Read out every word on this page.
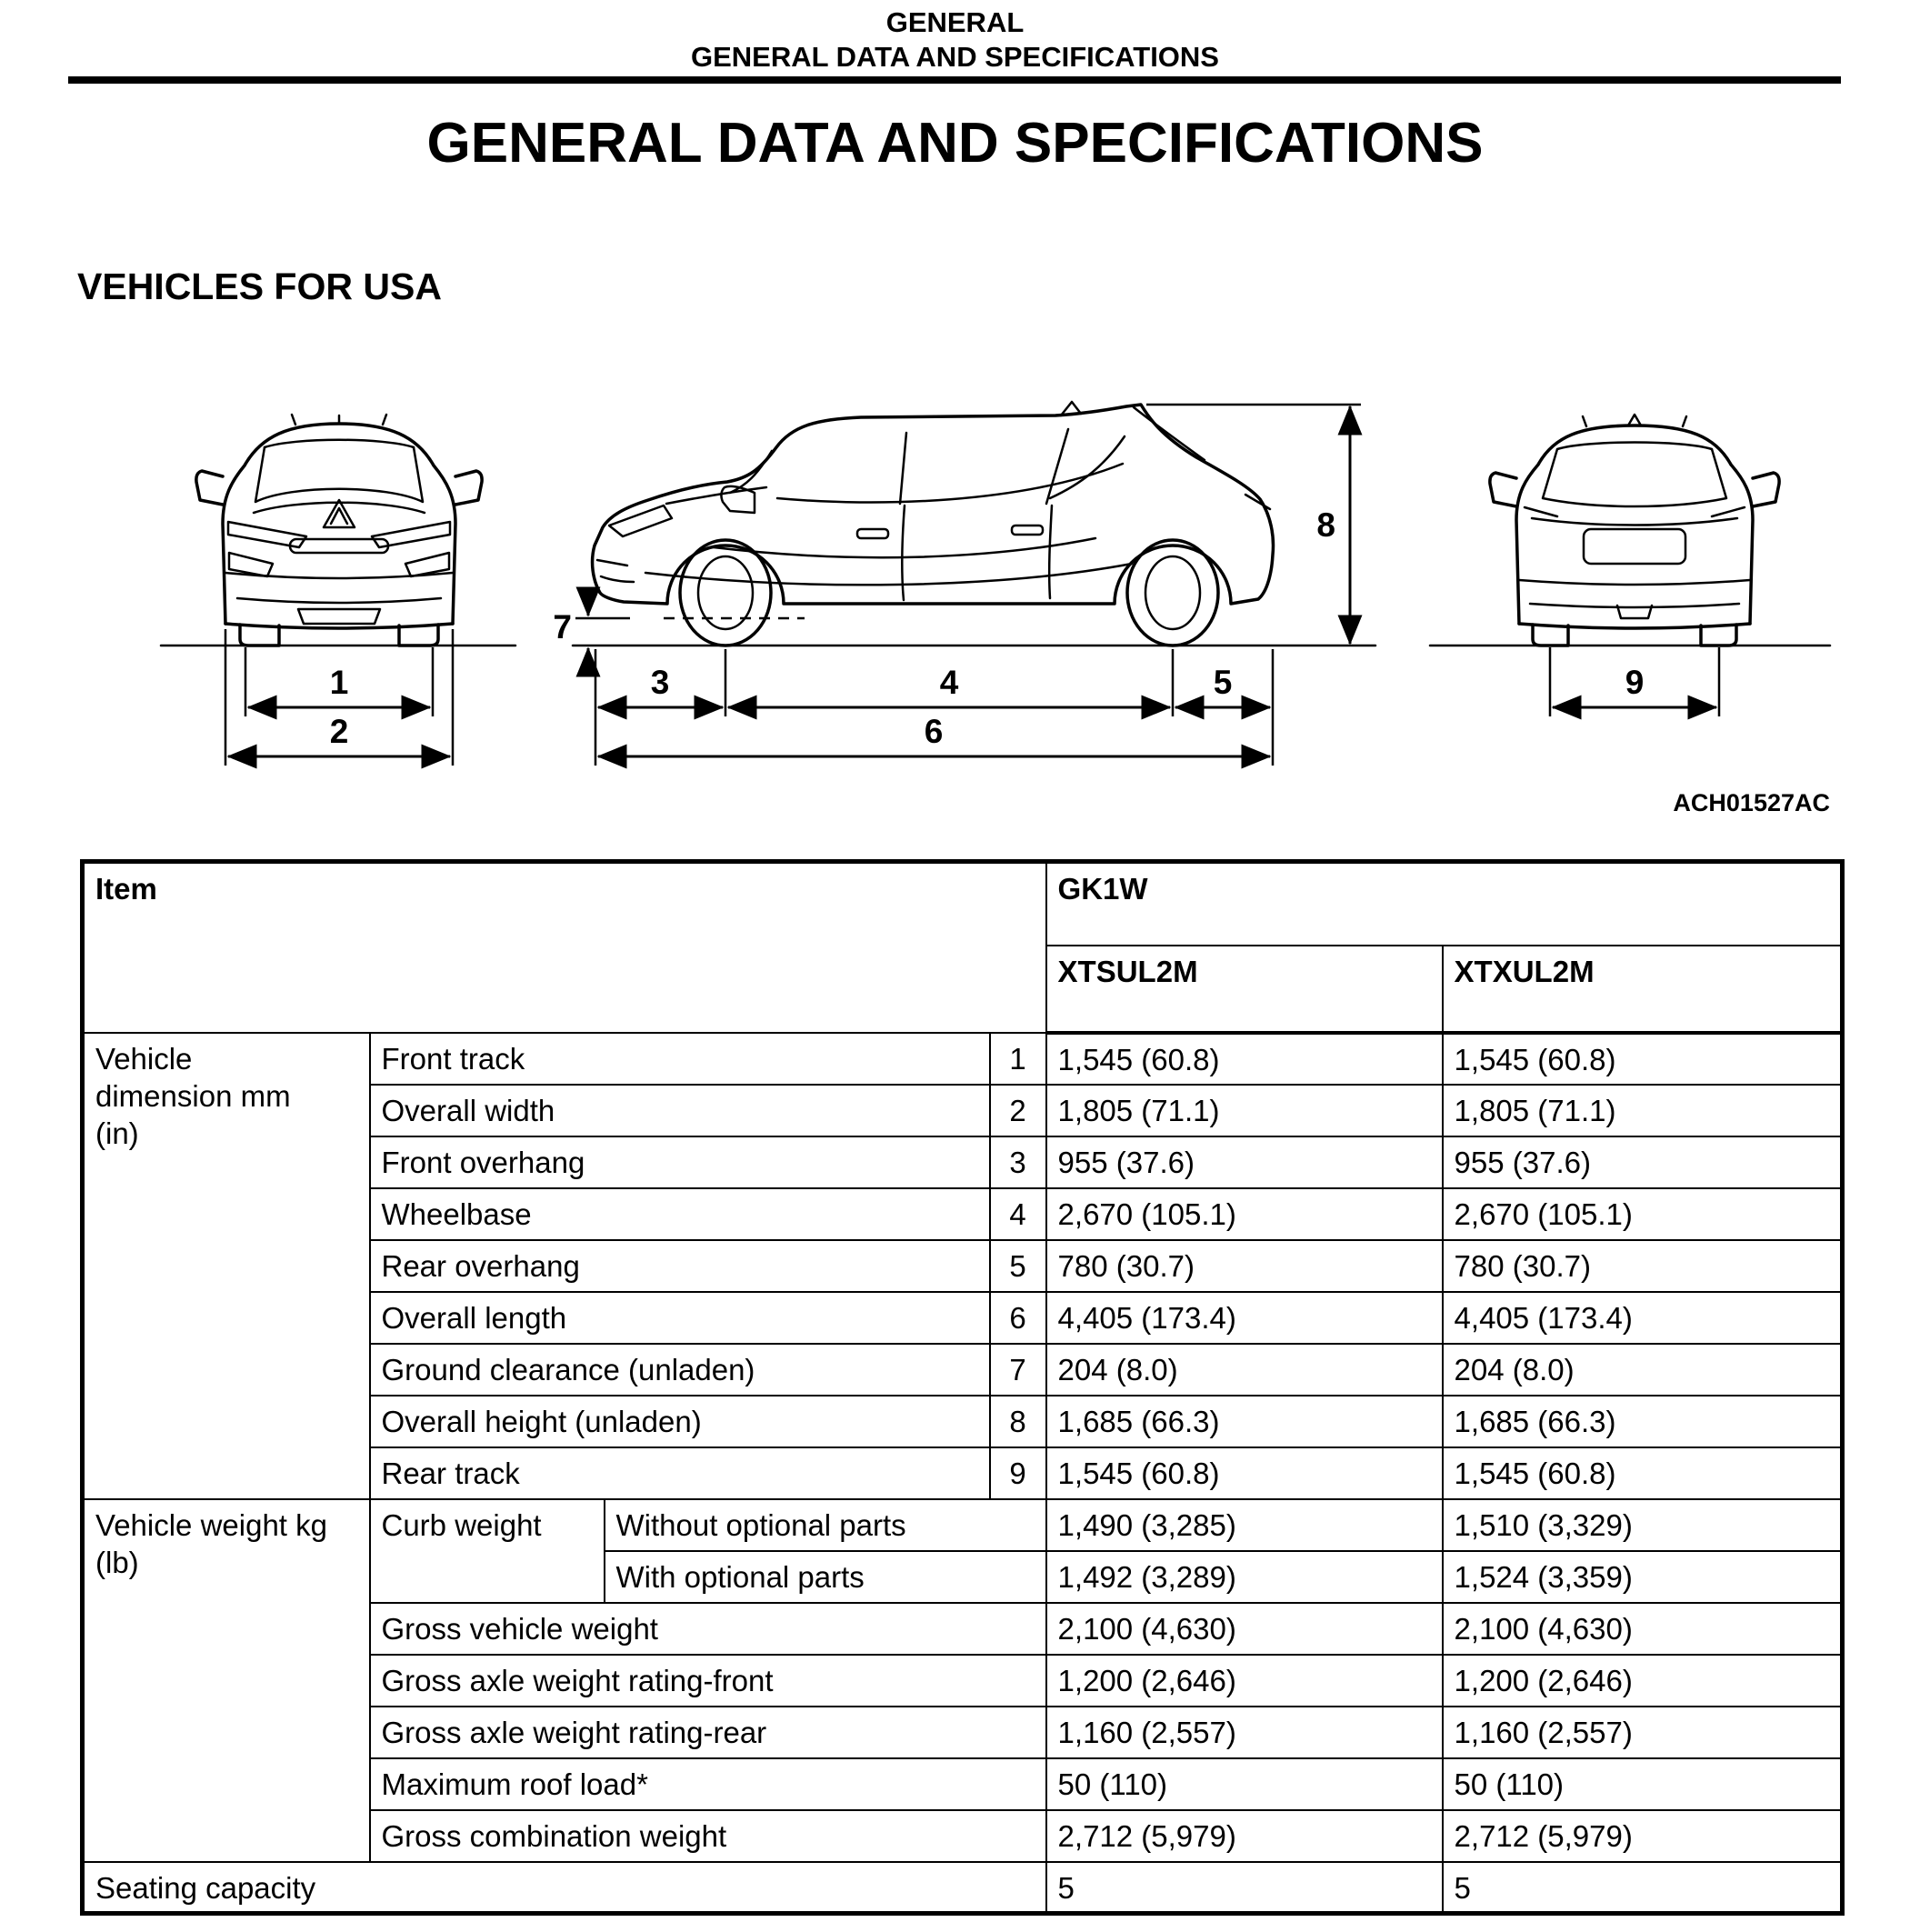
GENERAL
GENERAL DATA AND SPECIFICATIONS
GENERAL DATA AND SPECIFICATIONS
VEHICLES FOR USA
1
2
7
8
3	4	5
6
9
ACH01527AC
Item				GK1W	
				XTSUL2M	XTXUL2M
Vehicle dimension mm (in)	Front track		1	1,545 (60.8)	1,545 (60.8)
	Overall width		2	1,805 (71.1)	1,805 (71.1)
	Front overhang		3	955 (37.6)	955 (37.6)
	Wheelbase		4	2,670 (105.1)	2,670 (105.1)
	Rear overhang		5	780 (30.7)	780 (30.7)
	Overall length		6	4,405 (173.4)	4,405 (173.4)
	Ground clearance (unladen)		7	204 (8.0)	204 (8.0)
	Overall height (unladen)		8	1,685 (66.3)	1,685 (66.3)
	Rear track		9	1,545 (60.8)	1,545 (60.8)
Vehicle weight kg (lb)	Curb weight	Without optional parts		1,490 (3,285)	1,510 (3,329)
		With optional parts		1,492 (3,289)	1,524 (3,359)
	Gross vehicle weight			2,100 (4,630)	2,100 (4,630)
	Gross axle weight rating-front			1,200 (2,646)	1,200 (2,646)
	Gross axle weight rating-rear			1,160 (2,557)	1,160 (2,557)
	Maximum roof load*			50 (110)	50 (110)
	Gross combination weight			2,712 (5,979)	2,712 (5,979)
Seating capacity				5	5
